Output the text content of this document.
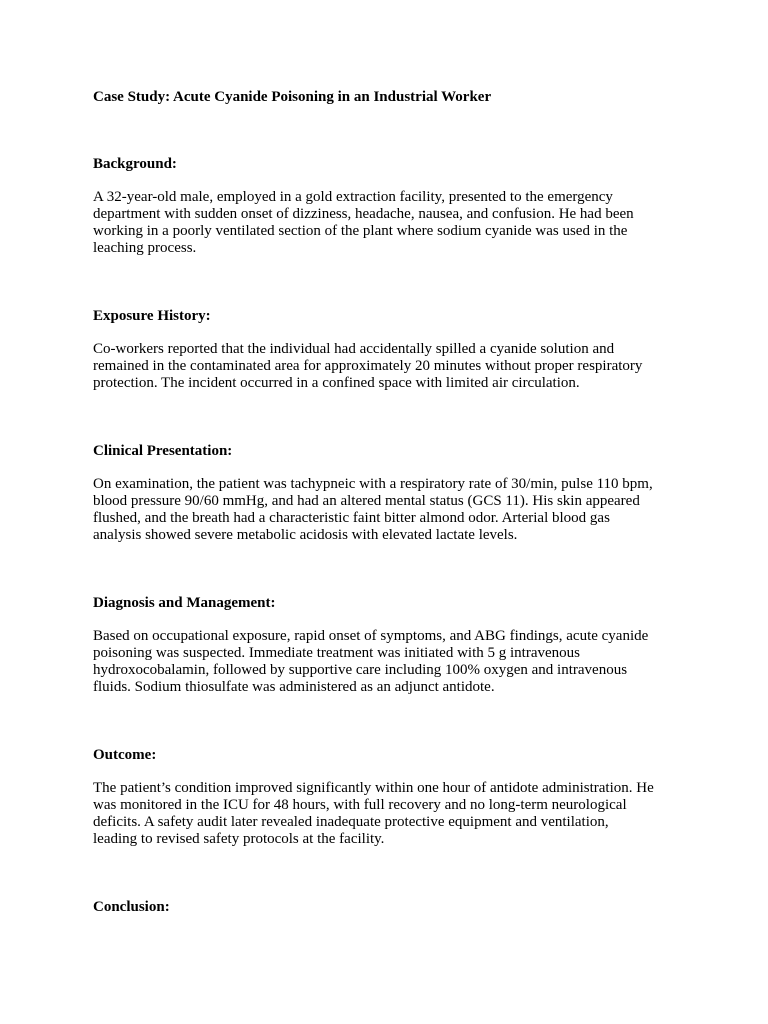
Case Study: Acute Cyanide Poisoning in an Industrial Worker
Background:
A 32-year-old male, employed in a gold extraction facility, presented to the emergency
department with sudden onset of dizziness, headache, nausea, and confusion. He had been
working in a poorly ventilated section of the plant where sodium cyanide was used in the
leaching process.
Exposure History:
Co-workers reported that the individual had accidentally spilled a cyanide solution and
remained in the contaminated area for approximately 20 minutes without proper respiratory
protection. The incident occurred in a confined space with limited air circulation.
Clinical Presentation:
On examination, the patient was tachypneic with a respiratory rate of 30/min, pulse 110 bpm,
blood pressure 90/60 mmHg, and had an altered mental status (GCS 11). His skin appeared
flushed, and the breath had a characteristic faint bitter almond odor. Arterial blood gas
analysis showed severe metabolic acidosis with elevated lactate levels.
Diagnosis and Management:
Based on occupational exposure, rapid onset of symptoms, and ABG findings, acute cyanide
poisoning was suspected. Immediate treatment was initiated with 5 g intravenous
hydroxocobalamin, followed by supportive care including 100% oxygen and intravenous
fluids. Sodium thiosulfate was administered as an adjunct antidote.
Outcome:
The patient’s condition improved significantly within one hour of antidote administration. He
was monitored in the ICU for 48 hours, with full recovery and no long-term neurological
deficits. A safety audit later revealed inadequate protective equipment and ventilation,
leading to revised safety protocols at the facility.
Conclusion:
